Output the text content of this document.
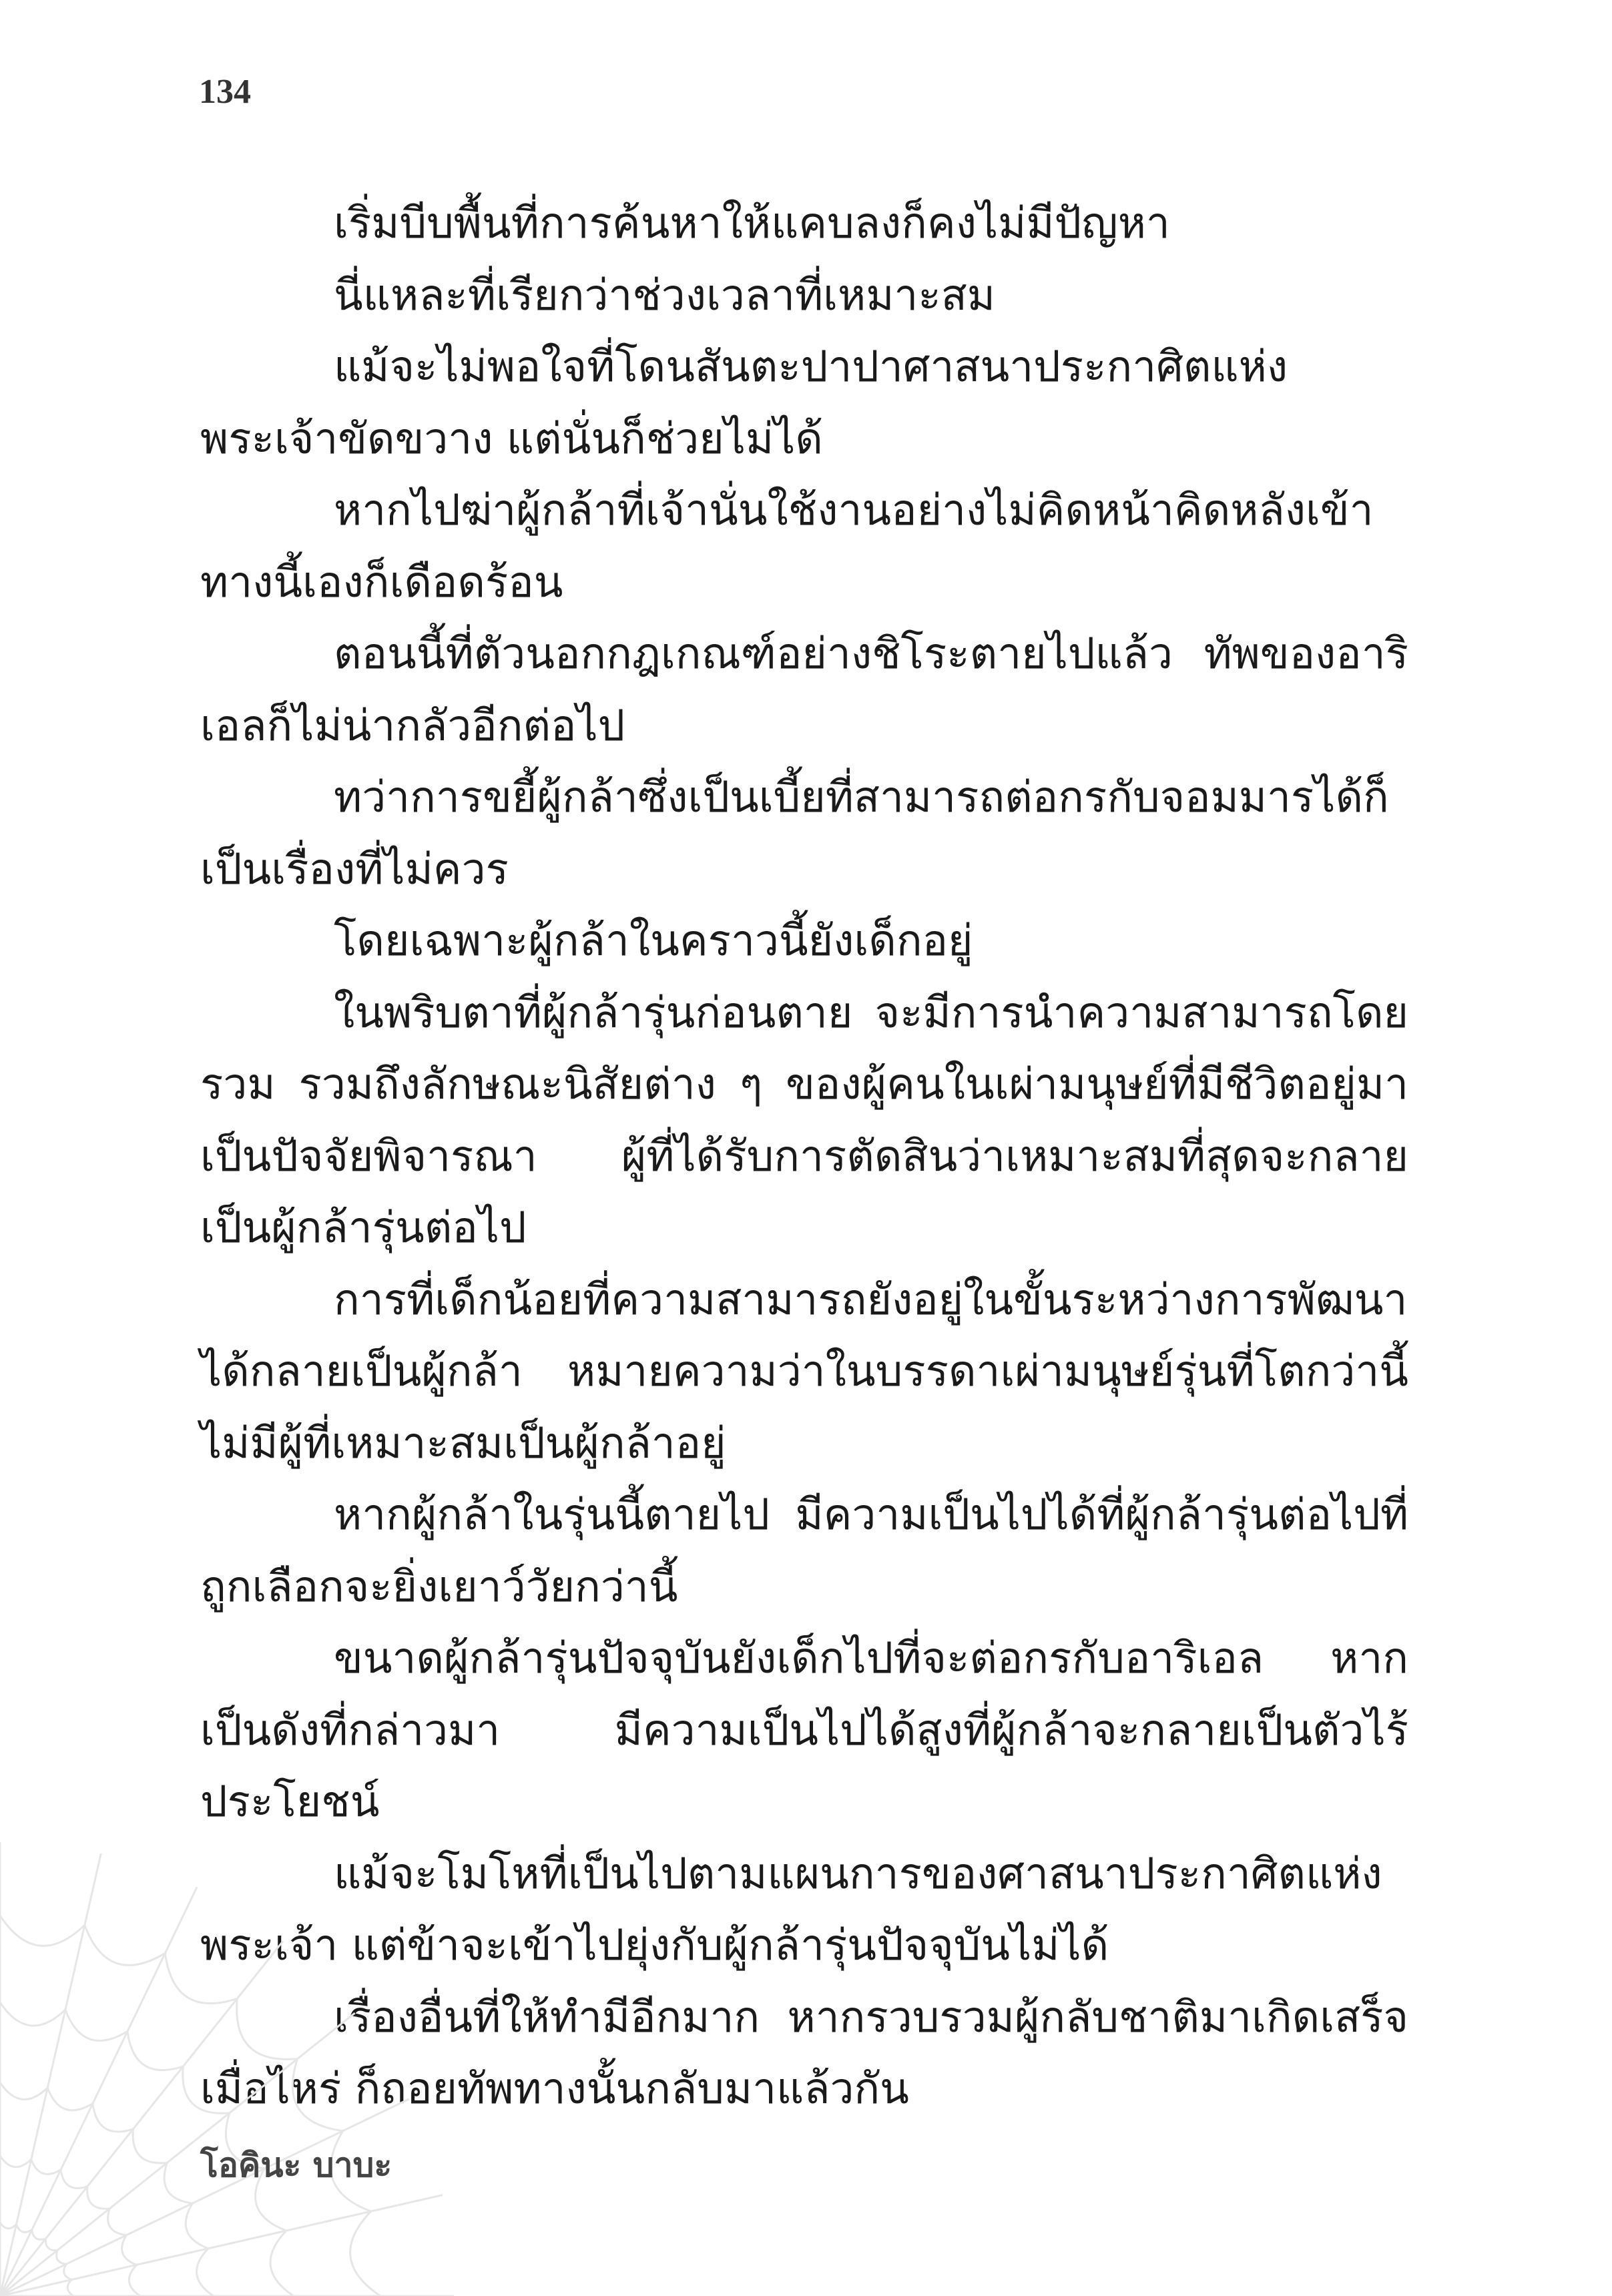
134

เริ่มบีบพื้นที่การค้นหาให้แคบลงก็คงไม่มีปัญหา

นี่แหละที่เรียกว่าช่วงเวลาที่เหมาะสม

แม้จะไม่พอใจที่โดนสันตะปาปาศาสนาประกาศิตแห่งพระเจ้าขัดขวาง แต่นั่นก็ช่วยไม่ได้

หากไปฆ่าผู้กล้าที่เจ้านั่นใช้งานอย่างไม่คิดหน้าคิดหลังเข้าทางนี้เองก็เดือดร้อน

ตอนนี้ที่ตัวนอกกฎเกณฑ์อย่างชิโระตายไปแล้ว ทัพของอาริเอลก็ไม่น่ากลัวอีกต่อไป

ทว่าการขยี้ผู้กล้าซึ่งเป็นเบี้ยที่สามารถต่อกรกับจอมมารได้ก็เป็นเรื่องที่ไม่ควร

โดยเฉพาะผู้กล้าในคราวนี้ยังเด็กอยู่

ในพริบตาที่ผู้กล้ารุ่นก่อนตาย จะมีการนำความสามารถโดยรวม รวมถึงลักษณะนิสัยต่าง ๆ ของผู้คนในเผ่ามนุษย์ที่มีชีวิตอยู่มาเป็นปัจจัยพิจารณา ผู้ที่ได้รับการตัดสินว่าเหมาะสมที่สุดจะกลายเป็นผู้กล้ารุ่นต่อไป

การที่เด็กน้อยที่ความสามารถยังอยู่ในขั้นระหว่างการพัฒนาได้กลายเป็นผู้กล้า หมายความว่าในบรรดาเผ่ามนุษย์รุ่นที่โตกว่านี้ไม่มีผู้ที่เหมาะสมเป็นผู้กล้าอยู่

หากผู้กล้าในรุ่นนี้ตายไป มีความเป็นไปได้ที่ผู้กล้ารุ่นต่อไปที่ถูกเลือกจะยิ่งเยาว์วัยกว่านี้

ขนาดผู้กล้ารุ่นปัจจุบันยังเด็กไปที่จะต่อกรกับอาริเอล หากเป็นดังที่กล่าวมา มีความเป็นไปได้สูงที่ผู้กล้าจะกลายเป็นตัวไร้ประโยชน์

แม้จะโมโหที่เป็นไปตามแผนการของศาสนาประกาศิตแห่งพระเจ้า แต่ข้าจะเข้าไปยุ่งกับผู้กล้ารุ่นปัจจุบันไม่ได้

เรื่องอื่นที่ให้ทำมีอีกมาก หากรวบรวมผู้กลับชาติมาเกิดเสร็จเมื่อไหร่ ก็ถอยทัพทางนั้นกลับมาแล้วกัน

โอคินะ บาบะ
